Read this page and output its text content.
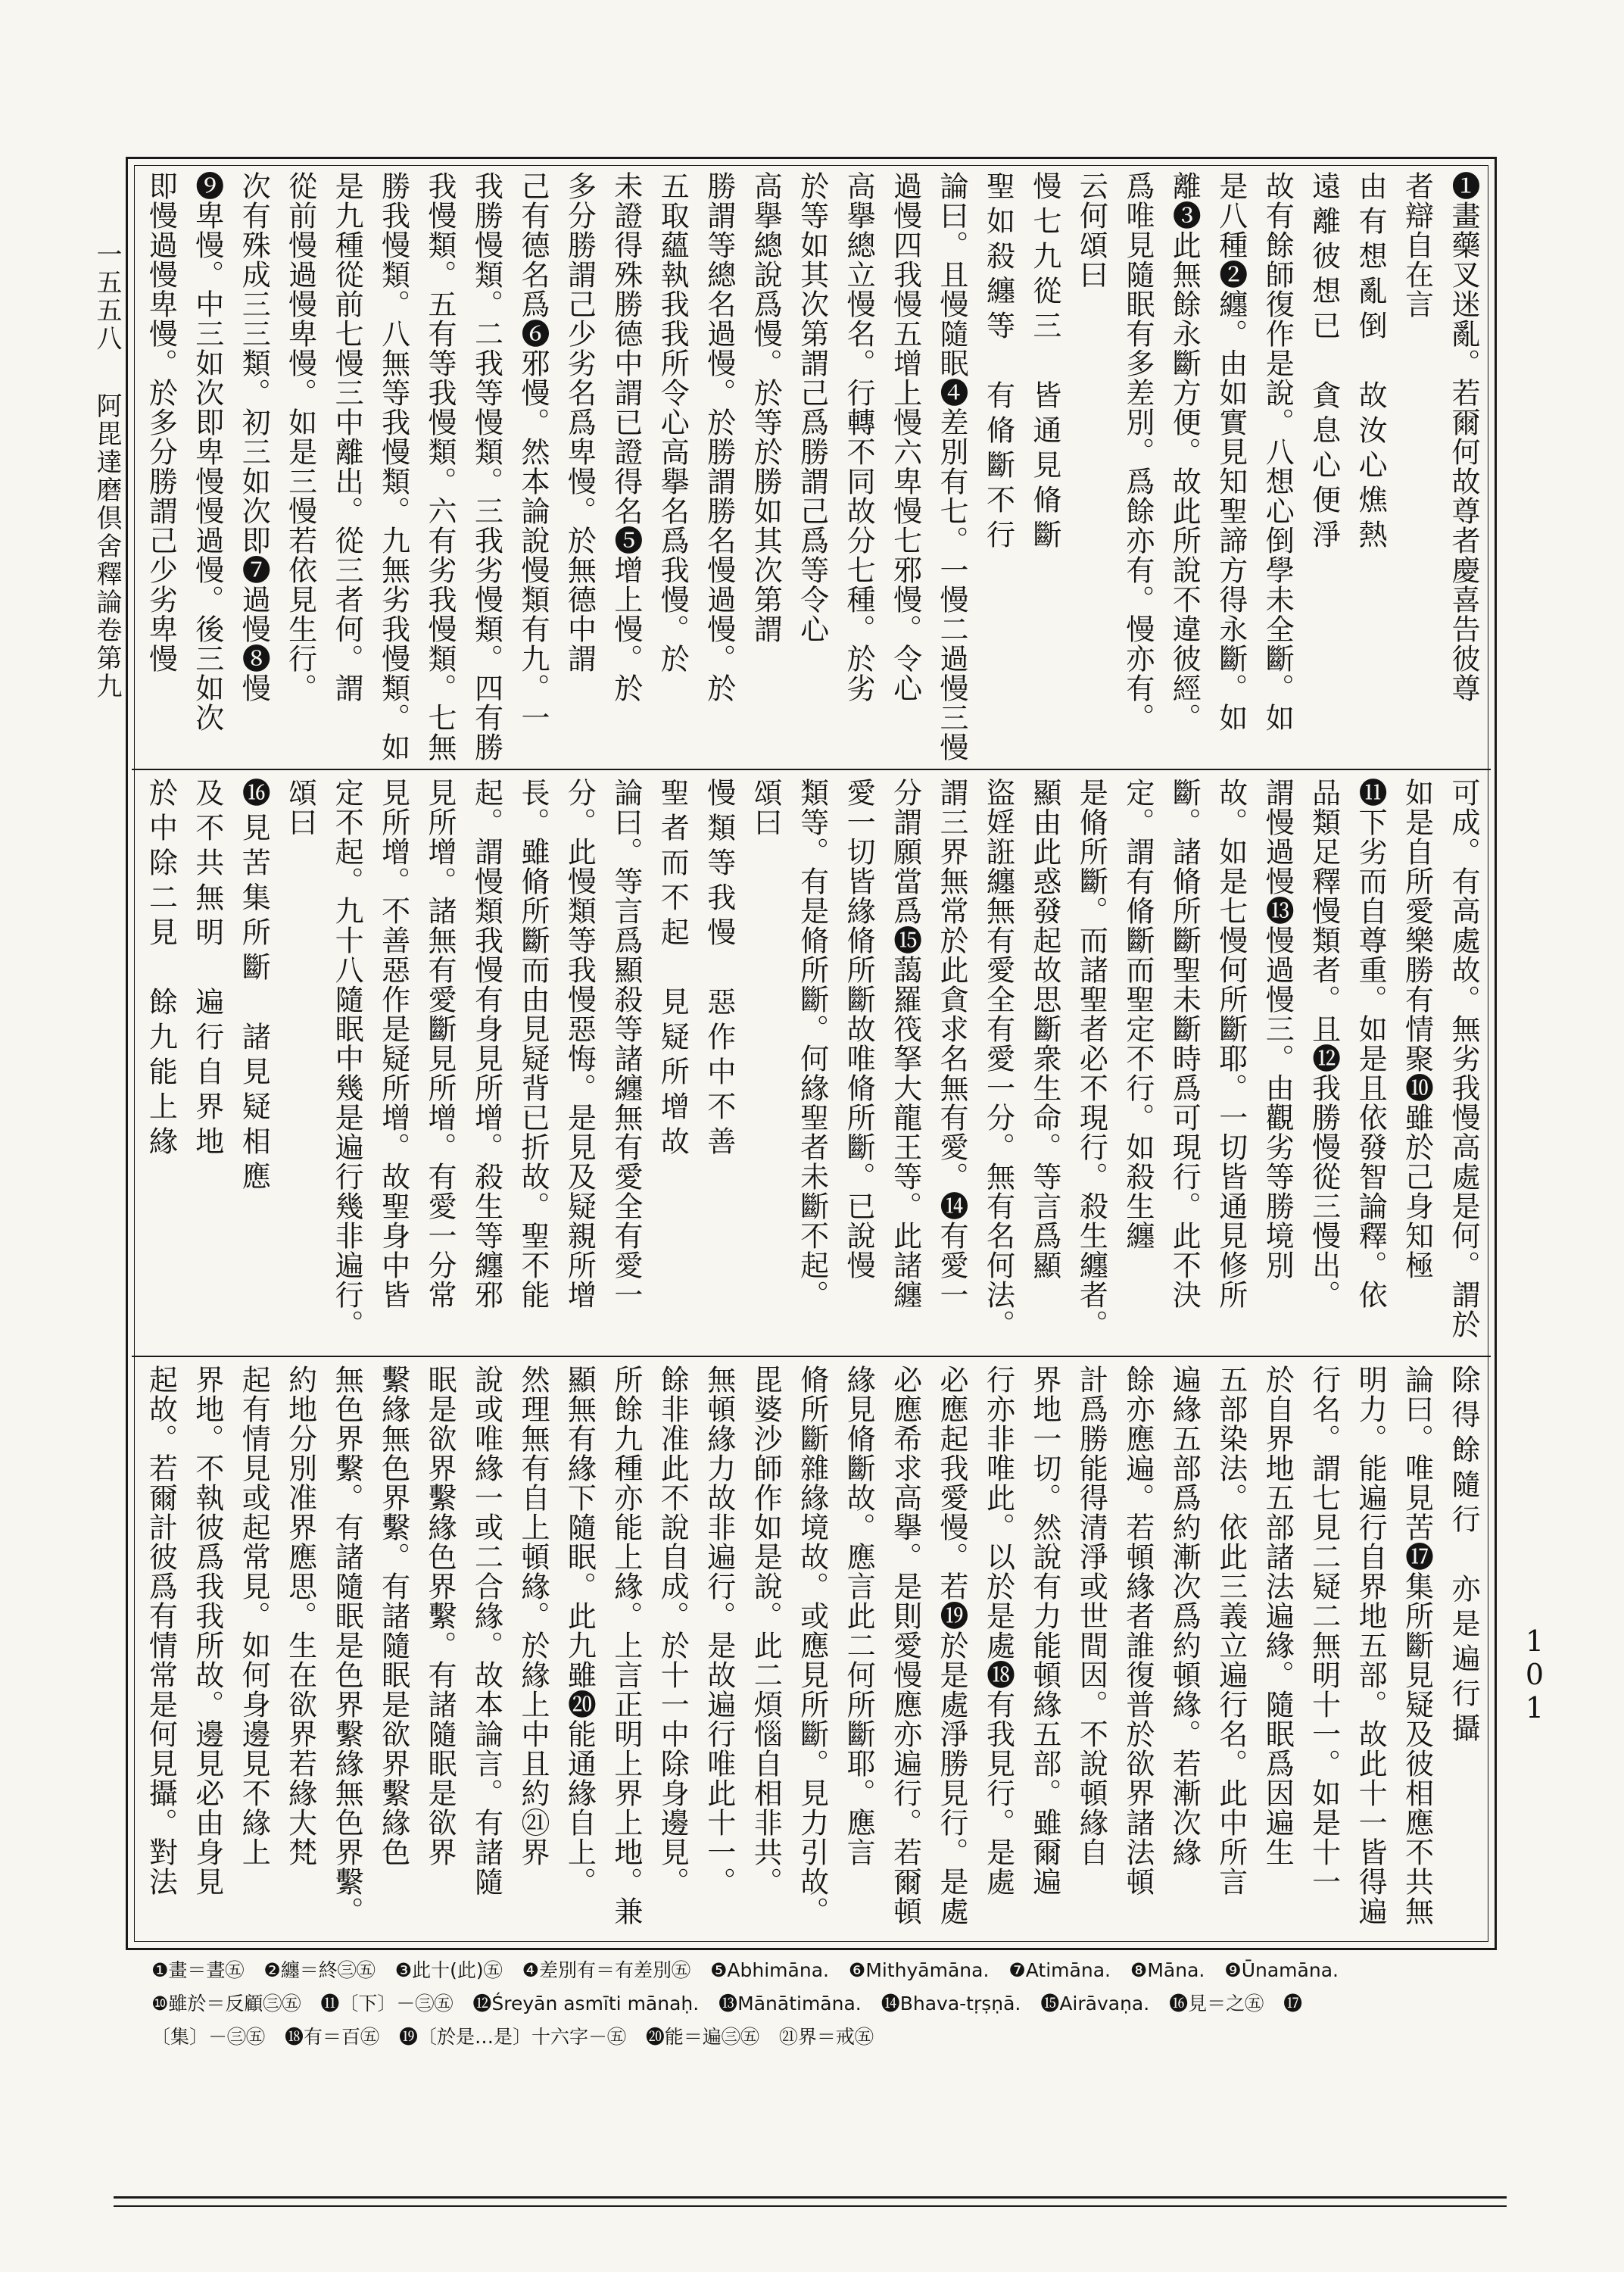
一五五八
阿毘達磨倶舍釋論卷第九
101
❶畫藥叉迷亂。若爾何故尊者慶喜告彼尊
者辯自在言
由有想亂倒　故汝心燋熱
遠離彼想已　貪息心便淨
故有餘師復作是說。八想心倒學未全斷。如
是八種❷纏。由如實見知聖諦方得永斷。如
離❸此無餘永斷方便。故此所說不違彼經。
爲唯見隨眠有多差別。爲餘亦有。慢亦有。
云何頌曰
慢七九從三　皆通見脩斷
聖如殺纏等　有脩斷不行
論曰。且慢隨眠❹差別有七。一慢二過慢三慢
過慢四我慢五增上慢六卑慢七邪慢。令心
高擧總立慢名。行轉不同故分七種。於劣
於等如其次第謂己爲勝謂己爲等令心
高擧總說爲慢。於等於勝如其次第謂
勝謂等總名過慢。於勝謂勝名慢過慢。於
五取蘊執我我所令心高擧名爲我慢。於
未證得殊勝德中謂已證得名❺增上慢。於
多分勝謂己少劣名爲卑慢。於無德中謂
己有德名爲❻邪慢。然本論說慢類有九。一
我勝慢類。二我等慢類。三我劣慢類。四有勝
我慢類。五有等我慢類。六有劣我慢類。七無
勝我慢類。八無等我慢類。九無劣我慢類。如
是九種從前七慢三中離出。從三者何。謂
從前慢過慢卑慢。如是三慢若依見生行。
次有殊成三三類。初三如次即❼過慢❽慢
❾卑慢。中三如次即卑慢慢過慢。後三如次
即慢過慢卑慢。於多分勝謂己少劣卑慢
可成。有高處故。無劣我慢高處是何。謂於
如是自所愛樂勝有情聚❿雖於己身知極
⓫下劣而自尊重。如是且依發智論釋。依
品類足釋慢類者。且⓬我勝慢從三慢出。
謂慢過慢⓭慢過慢三。由觀劣等勝境別
故。如是七慢何所斷耶。一切皆通見修所
斷。諸脩所斷聖未斷時爲可現行。此不決
定。謂有脩斷而聖定不行。如殺生纏
是脩所斷。而諸聖者必不現行。殺生纏者。
顯由此惑發起故思斷衆生命。等言爲顯
盜婬誑纏無有愛全有愛一分。無有名何法。
謂三界無常於此貪求名無有愛。⓮有愛一
分謂願當爲⓯藹羅筏拏大龍王等。此諸纏
愛一切皆緣脩所斷故唯脩所斷。已說慢
類等。有是脩所斷。何緣聖者未斷不起。
頌曰
慢類等我慢　惡作中不善
聖者而不起　見疑所增故
論曰。等言爲顯殺等諸纏無有愛全有愛一
分。此慢類等我慢惡悔。是見及疑親所增
長。雖脩所斷而由見疑背已折故。聖不能
起。謂慢類我慢有身見所增。殺生等纏邪
見所增。諸無有愛斷見所增。有愛一分常
見所增。不善惡作是疑所增。故聖身中皆
定不起。九十八隨眠中幾是遍行幾非遍行。
頌曰
⓰見苦集所斷　諸見疑相應
及不共無明　遍行自界地
於中除二見　餘九能上緣
除得餘隨行　亦是遍行攝
論曰。唯見苦⓱集所斷見疑及彼相應不共無
明力。能遍行自界地五部。故此十一皆得遍
行名。謂七見二疑二無明十一。如是十一
於自界地五部諸法遍緣。隨眠爲因遍生
五部染法。依此三義立遍行名。此中所言
遍緣五部爲約漸次爲約頓緣。若漸次緣
餘亦應遍。若頓緣者誰復普於欲界諸法頓
計爲勝能得清淨或世間因。不說頓緣自
界地一切。然說有力能頓緣五部。雖爾遍
行亦非唯此。以於是處⓲有我見行。是處
必應起我愛慢。若⓳於是處淨勝見行。是處
必應希求高擧。是則愛慢應亦遍行。若爾頓
緣見脩斷故。應言此二何所斷耶。應言
脩所斷雜緣境故。或應見所斷。見力引故。
毘婆沙師作如是說。此二煩惱自相非共。
無頓緣力故非遍行。是故遍行唯此十一。
餘非准此不說自成。於十一中除身邊見。
所餘九種亦能上緣。上言正明上界上地。兼
顯無有緣下隨眠。此九雖⓴能通緣自上。
然理無有自上頓緣。於緣上中且約㉑界
說或唯緣一或二合緣。故本論言。有諸隨
眠是欲界繫緣色界繫。有諸隨眠是欲界
繫緣無色界繫。有諸隨眠是欲界繫緣色
無色界繫。有諸隨眠是色界繫緣無色界繫。
約地分別准界應思。生在欲界若緣大梵
起有情見或起常見。如何身邊見不緣上
界地。不執彼爲我我所故。邊見必由身見
起故。若爾計彼爲有情常是何見攝。對法
❶畫＝晝㊄ ❷纏＝終㊂㊄ ❸此十(此)㊄ ❹差別有＝有差別㊄ ❺Abhimāna. ❻Mithyāmāna. ❼Atimāna. ❽Māna. ❾Ūnamāna.
❿雖於＝反顧㊂㊄ ⓫〔下〕－㊂㊄ ⓬Śreyān asmīti mānaḥ. ⓭Mānātimāna. ⓮Bhava-tṛṣṇā. ⓯Airāvaṇa. ⓰見＝之㊄ ⓱
〔集〕－㊂㊄ ⓲有＝百㊄ ⓳〔於是…是〕十六字－㊄ ⓴能＝遍㊂㊄ ㉑界＝戒㊄
